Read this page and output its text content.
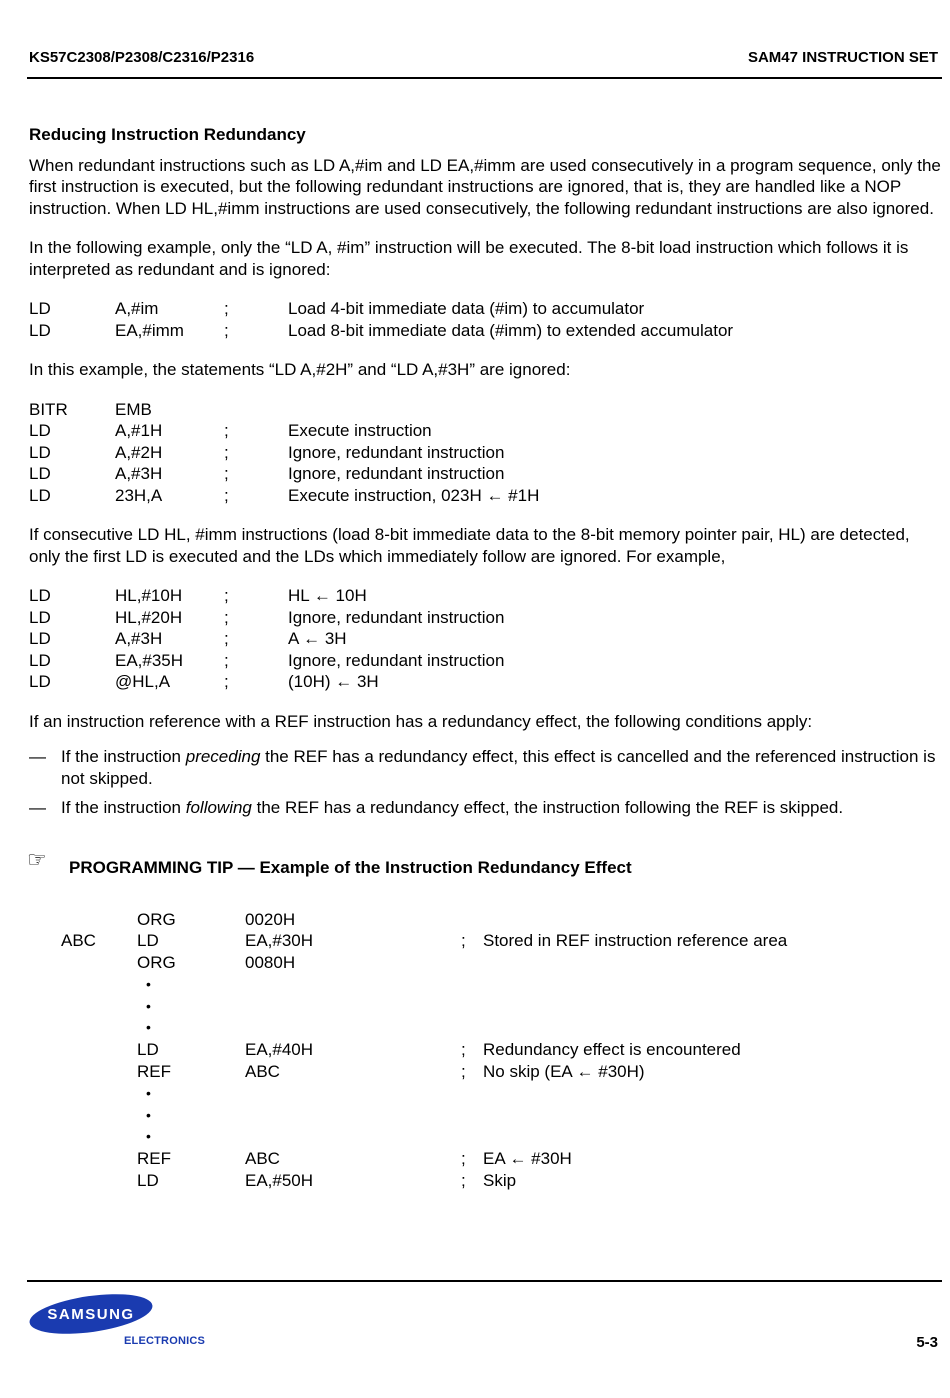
KS57C2308/P2308/C2316/P2316	SAM47 INSTRUCTION SET
Reducing Instruction Redundancy

When redundant instructions such as LD A,#im and LD EA,#imm are used consecutively in a program sequence, only the first instruction is executed, but the following redundant instructions are ignored, that is, they are handled like a NOP instruction. When LD HL,#imm instructions are used consecutively, the following redundant instructions are also ignored.

In the following example, only the “LD A, #im” instruction will be executed. The 8-bit load instruction which follows it is interpreted as redundant and is ignored:

LD	A,#im	;	Load 4-bit immediate data (#im) to accumulator
LD	EA,#imm ;	Load 8-bit immediate data (#imm) to extended accumulator

In this example, the statements “LD A,#2H” and “LD A,#3H” are ignored:

BITR	EMB
LD	A,#1H	;	Execute instruction
LD	A,#2H	;	Ignore, redundant instruction
LD	A,#3H	;	Ignore, redundant instruction
LD	23H,A	;	Execute instruction, 023H ← #1H

If consecutive LD HL, #imm instructions (load 8-bit immediate data to the 8-bit memory pointer pair, HL) are detected, only the first LD is executed and the LDs which immediately follow are ignored. For example,

LD	HL,#10H ;	HL ← 10H
LD	HL,#20H ;	Ignore, redundant instruction
LD	A,#3H	;	A ← 3H
LD	EA,#35H ;	Ignore, redundant instruction
LD	@HL,A	;	(10H) ← 3H

If an instruction reference with a REF instruction has a redundancy effect, the following conditions apply:

— If the instruction preceding the REF has a redundancy effect, this effect is cancelled and the referenced instruction is not skipped.
— If the instruction following the REF has a redundancy effect, the instruction following the REF is skipped.
☞ PROGRAMMING TIP — Example of the Instruction Redundancy Effect
ORG	0020H
ABC LD	EA,#30H	; Stored in REF instruction reference area
ORG	0080H
•
•
•
LD	EA,#40H	; Redundancy effect is encountered
REF	ABC	; No skip (EA ← #30H)
•
•
•
REF	ABC	; EA ← #30H
LD	EA,#50H	; Skip
SAMSUNG
ELECTRONICS	5-3
